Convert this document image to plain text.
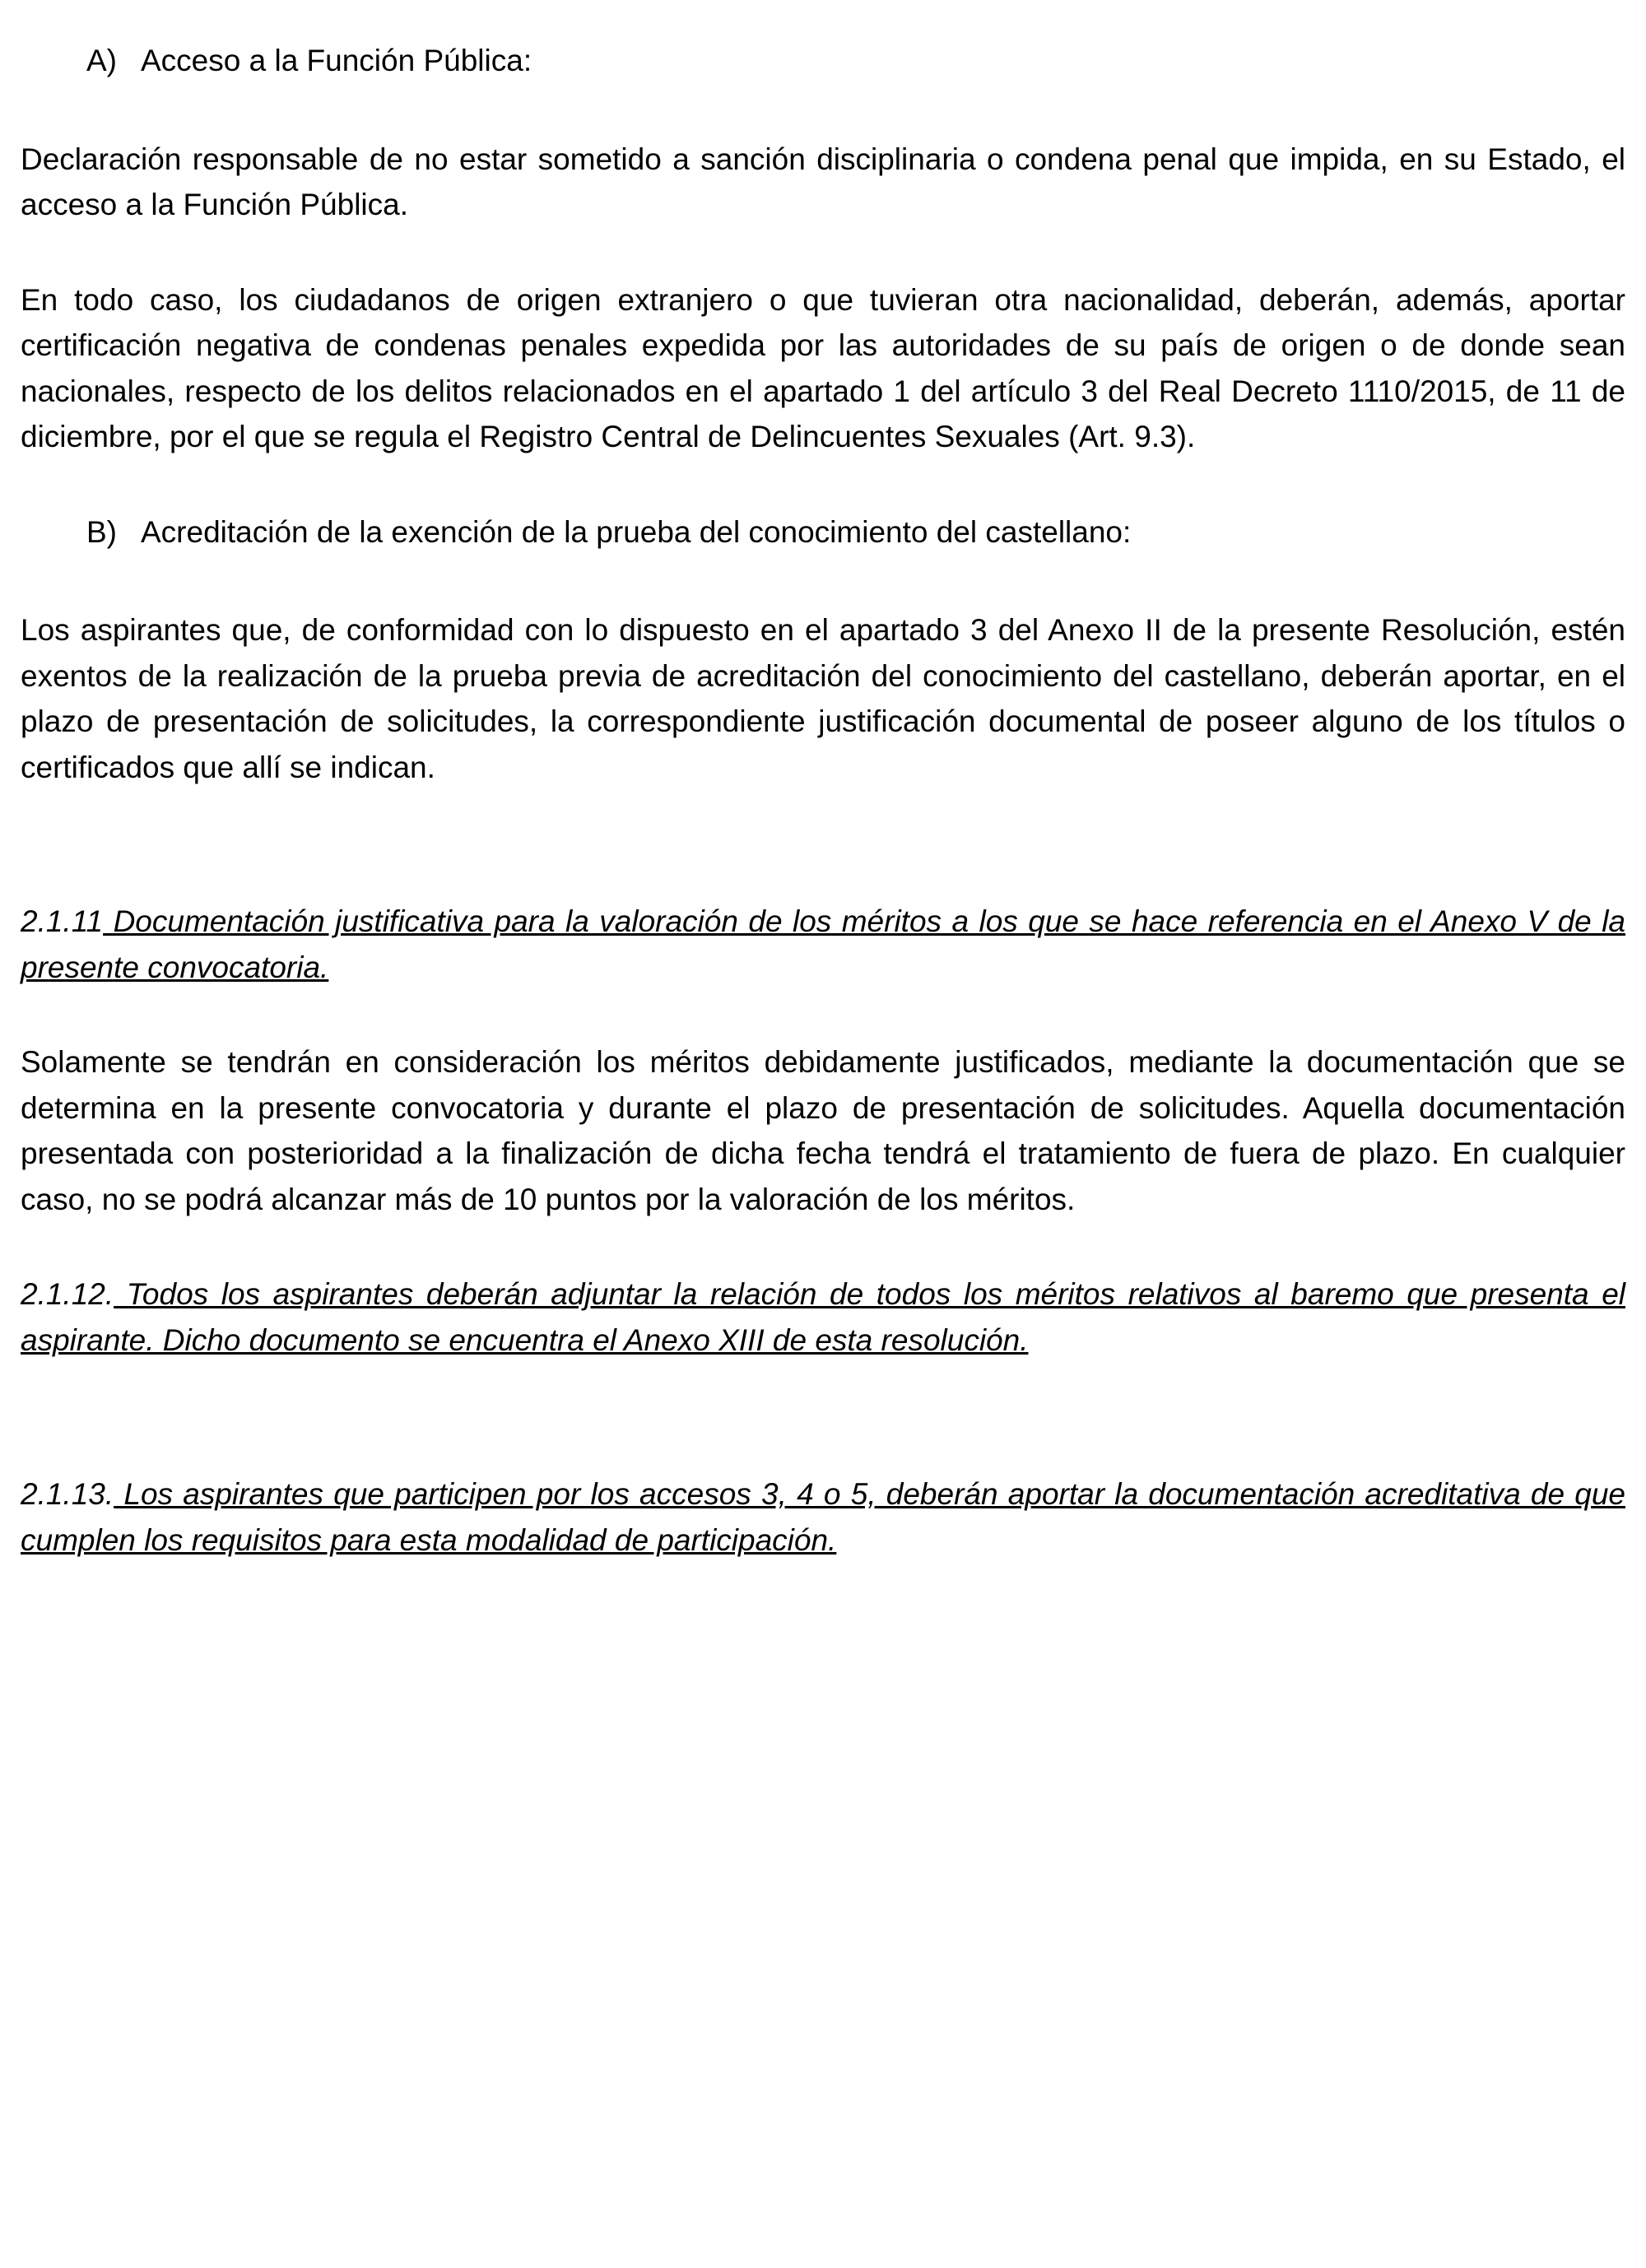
A) Acceso a la Función Pública:

Declaración responsable de no estar sometido a sanción disciplinaria o condena penal que impida, en su Estado, el acceso a la Función Pública.

En todo caso, los ciudadanos de origen extranjero o que tuvieran otra nacionalidad, deberán, además, aportar certificación negativa de condenas penales expedida por las autoridades de su país de origen o de donde sean nacionales, respecto de los delitos relacionados en el apartado 1 del artículo 3 del Real Decreto 1110/2015, de 11 de diciembre, por el que se regula el Registro Central de Delincuentes Sexuales (Art. 9.3).

B) Acreditación de la exención de la prueba del conocimiento del castellano:

Los aspirantes que, de conformidad con lo dispuesto en el apartado 3 del Anexo II de la presente Resolución, estén exentos de la realización de la prueba previa de acreditación del conocimiento del castellano, deberán aportar, en el plazo de presentación de solicitudes, la correspondiente justificación documental de poseer alguno de los títulos o certificados que allí se indican.

2.1.11 Documentación justificativa para la valoración de los méritos a los que se hace referencia en el Anexo V de la presente convocatoria.

Solamente se tendrán en consideración los méritos debidamente justificados, mediante la documentación que se determina en la presente convocatoria y durante el plazo de presentación de solicitudes. Aquella documentación presentada con posterioridad a la finalización de dicha fecha tendrá el tratamiento de fuera de plazo. En cualquier caso, no se podrá alcanzar más de 10 puntos por la valoración de los méritos.

2.1.12. Todos los aspirantes deberán adjuntar la relación de todos los méritos relativos al baremo que presenta el aspirante. Dicho documento se encuentra el Anexo XIII de esta resolución.

2.1.13. Los aspirantes que participen por los accesos 3, 4 o 5, deberán aportar la documentación acreditativa de que cumplen los requisitos para esta modalidad de participación.
